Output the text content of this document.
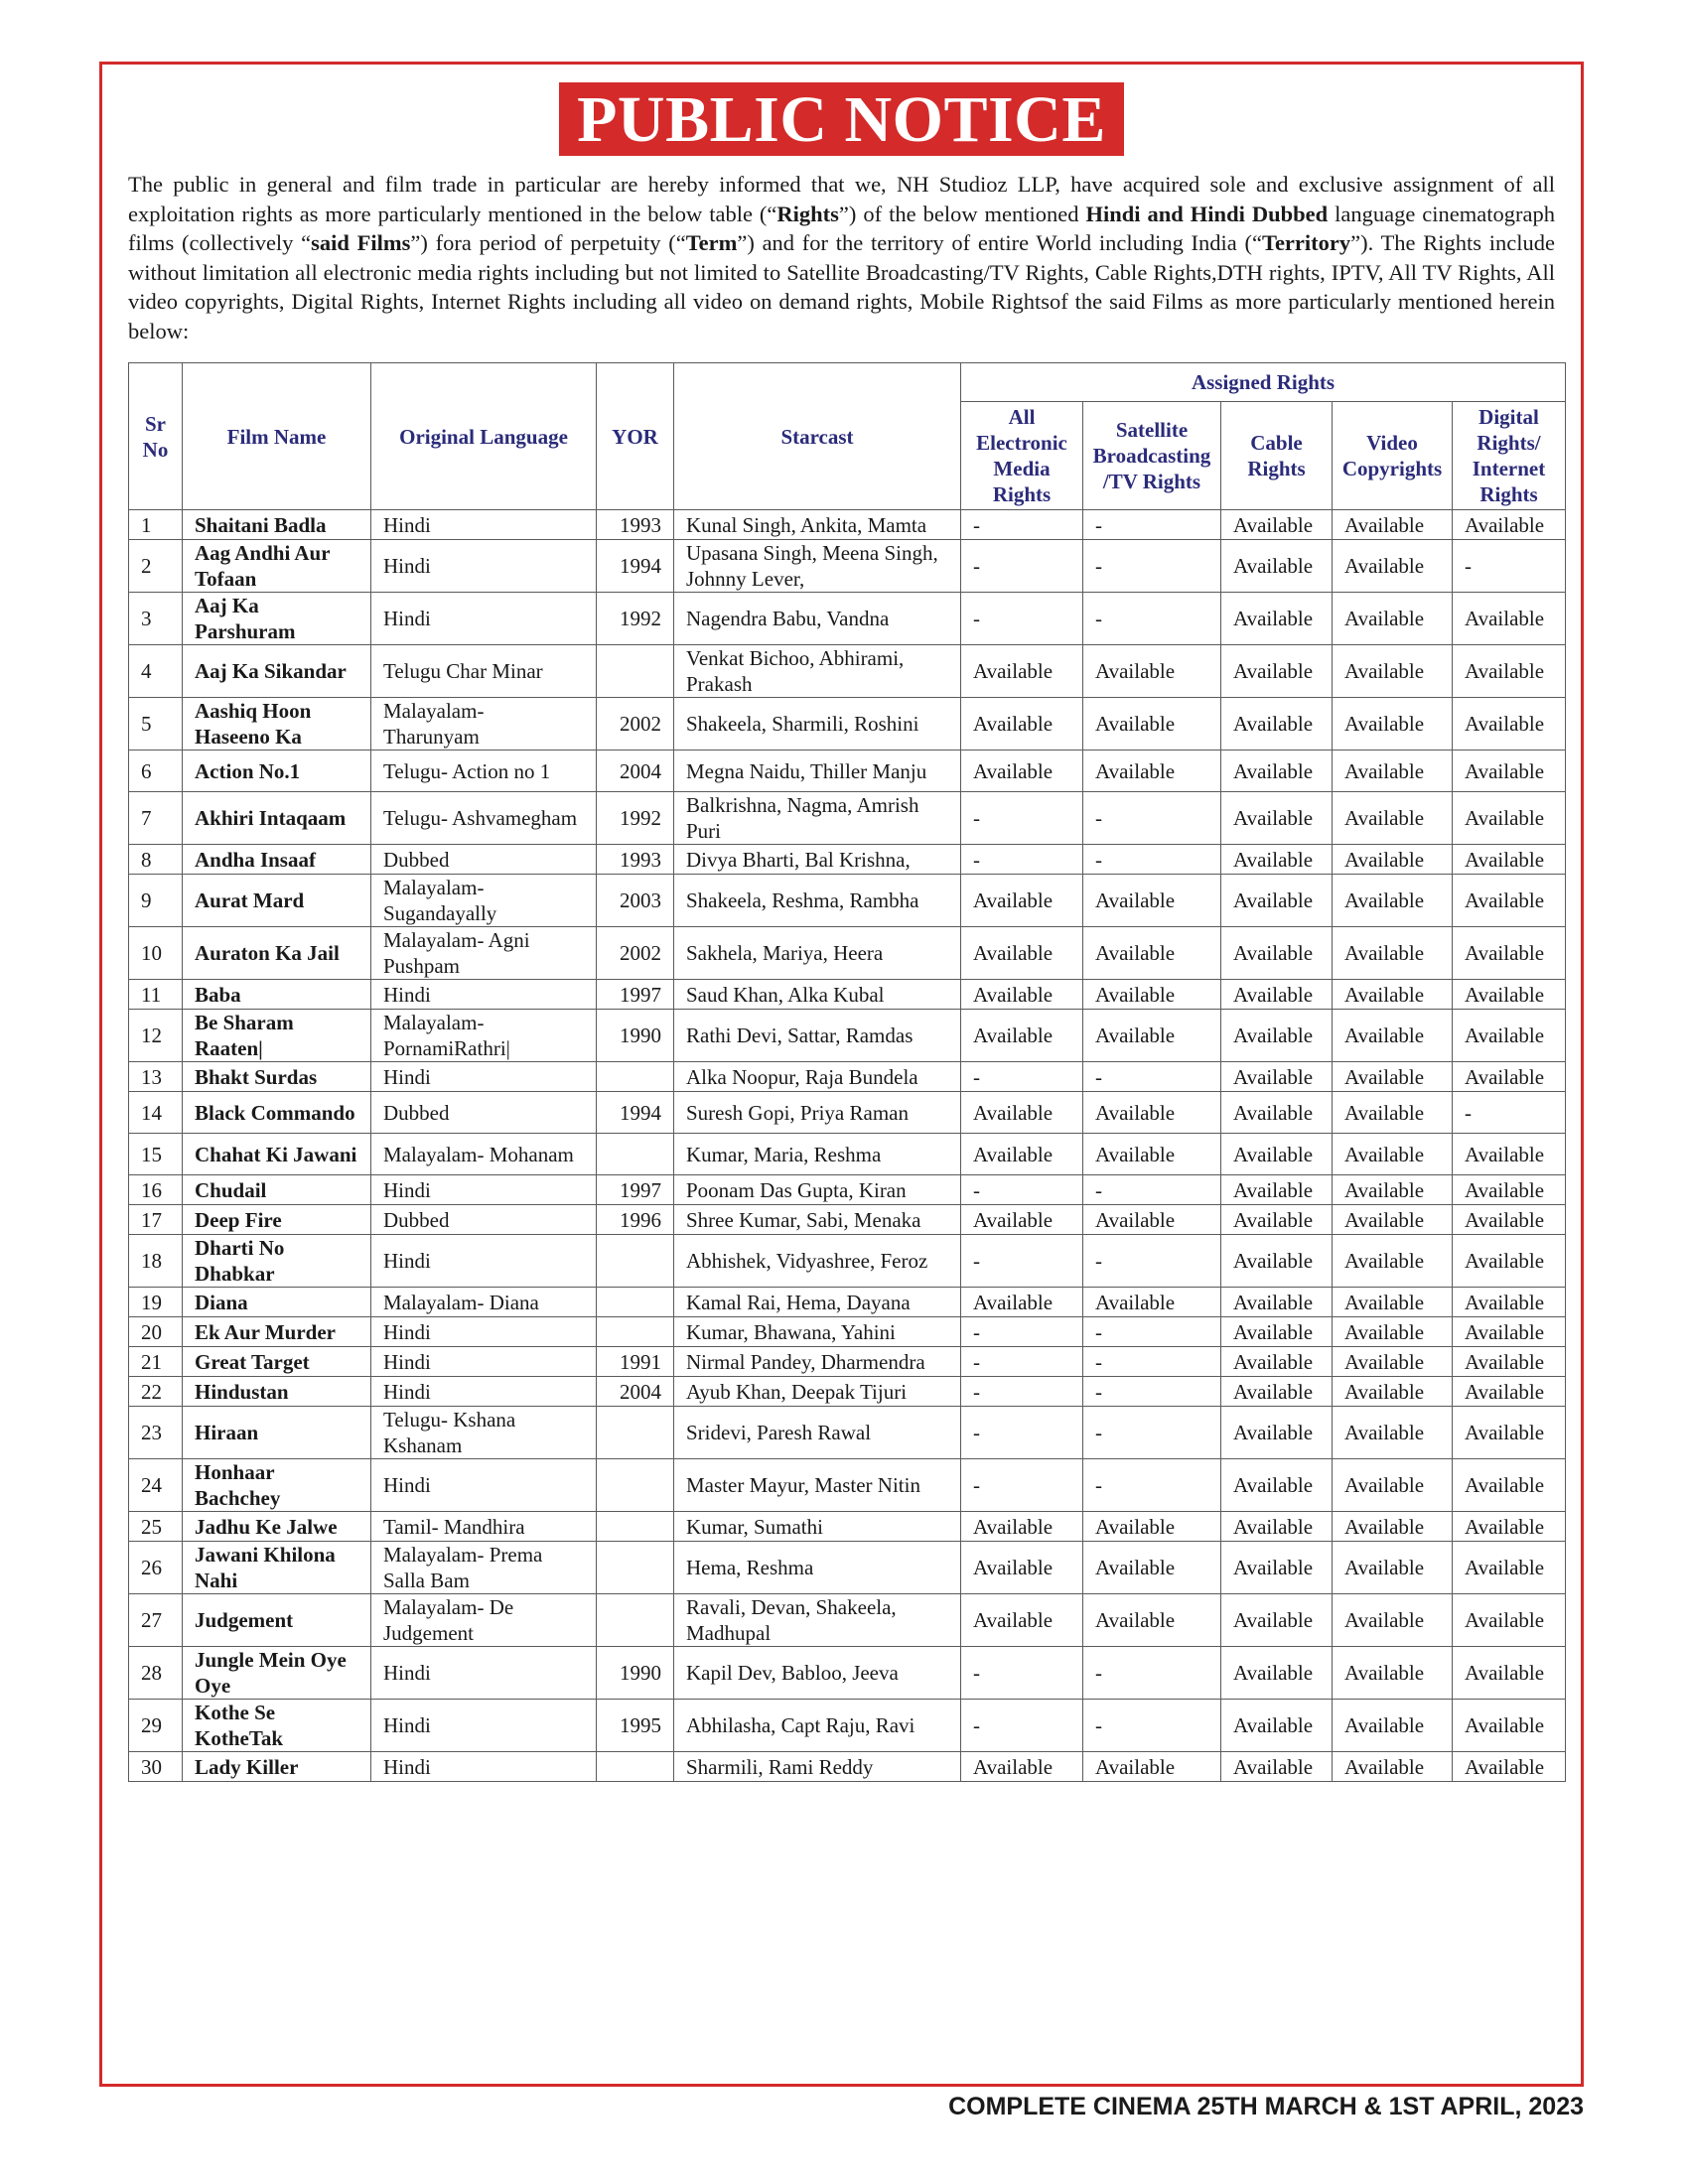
PUBLIC NOTICE
The public in general and film trade in particular are hereby informed that we, NH Studioz LLP, have acquired sole and exclusive assignment of all exploitation rights as more particularly mentioned in the below table (“Rights”) of the below mentioned Hindi and Hindi Dubbed language cinematograph films (collectively “said Films”) fora period of perpetuity (“Term”) and for the territory of entire World including India (“Territory”). The Rights include without limitation all electronic media rights including but not limited to Satellite Broadcasting/TV Rights, Cable Rights,DTH rights, IPTV, All TV Rights, All video copyrights, Digital Rights, Internet Rights including all video on demand rights, Mobile Rightsof the said Films as more particularly mentioned herein below:
Sr No	Film Name	Original Language	YOR	Starcast	Assigned Rights				
					All Electronic Media Rights	Satellite Broadcasting /TV Rights	Cable Rights	Video Copyrights	Digital Rights/ Internet Rights
1	Shaitani Badla	Hindi	1993	Kunal Singh, Ankita, Mamta	-	-	Available	Available	Available
2	Aag Andhi Aur Tofaan	Hindi	1994	Upasana Singh, Meena Singh, Johnny Lever,	-	-	Available	Available	-
3	Aaj Ka Parshuram	Hindi	1992	Nagendra Babu, Vandna	-	-	Available	Available	Available
4	Aaj Ka Sikandar	Telugu Char Minar		Venkat Bichoo, Abhirami, Prakash	Available	Available	Available	Available	Available
5	Aashiq Hoon Haseeno Ka	Malayalam- Tharunyam	2002	Shakeela, Sharmili, Roshini	Available	Available	Available	Available	Available
6	Action No.1	Telugu- Action no 1	2004	Megna Naidu, Thiller Manju	Available	Available	Available	Available	Available
7	Akhiri Intaqaam	Telugu- Ashvamegham	1992	Balkrishna, Nagma, Amrish Puri	-	-	Available	Available	Available
8	Andha Insaaf	Dubbed	1993	Divya Bharti, Bal Krishna,	-	-	Available	Available	Available
9	Aurat Mard	Malayalam- Sugandayally	2003	Shakeela, Reshma, Rambha	Available	Available	Available	Available	Available
10	Auraton Ka Jail	Malayalam- Agni Pushpam	2002	Sakhela, Mariya, Heera	Available	Available	Available	Available	Available
11	Baba	Hindi	1997	Saud Khan, Alka Kubal	Available	Available	Available	Available	Available
12	Be Sharam Raaten|	Malayalam- PornamiRathri|	1990	Rathi Devi, Sattar, Ramdas	Available	Available	Available	Available	Available
13	Bhakt Surdas	Hindi		Alka Noopur, Raja Bundela	-	-	Available	Available	Available
14	Black Commando	Dubbed	1994	Suresh Gopi, Priya Raman	Available	Available	Available	Available	-
15	Chahat Ki Jawani	Malayalam- Mohanam		Kumar, Maria, Reshma	Available	Available	Available	Available	Available
16	Chudail	Hindi	1997	Poonam Das Gupta, Kiran	-	-	Available	Available	Available
17	Deep Fire	Dubbed	1996	Shree Kumar, Sabi, Menaka	Available	Available	Available	Available	Available
18	Dharti No Dhabkar	Hindi		Abhishek, Vidyashree, Feroz	-	-	Available	Available	Available
19	Diana	Malayalam- Diana		Kamal Rai, Hema, Dayana	Available	Available	Available	Available	Available
20	Ek Aur Murder	Hindi		Kumar, Bhawana, Yahini	-	-	Available	Available	Available
21	Great Target	Hindi	1991	Nirmal Pandey, Dharmendra	-	-	Available	Available	Available
22	Hindustan	Hindi	2004	Ayub Khan, Deepak Tijuri	-	-	Available	Available	Available
23	Hiraan	Telugu- Kshana Kshanam		Sridevi, Paresh Rawal	-	-	Available	Available	Available
24	Honhaar Bachchey	Hindi		Master Mayur, Master Nitin	-	-	Available	Available	Available
25	Jadhu Ke Jalwe	Tamil- Mandhira		Kumar, Sumathi	Available	Available	Available	Available	Available
26	Jawani Khilona Nahi	Malayalam- Prema Salla Bam		Hema, Reshma	Available	Available	Available	Available	Available
27	Judgement	Malayalam- De Judgement		Ravali, Devan, Shakeela, Madhupal	Available	Available	Available	Available	Available
28	Jungle Mein Oye Oye	Hindi	1990	Kapil Dev, Babloo, Jeeva	-	-	Available	Available	Available
29	Kothe Se KotheTak	Hindi	1995	Abhilasha, Capt Raju, Ravi	-	-	Available	Available	Available
30	Lady Killer	Hindi		Sharmili, Rami Reddy	Available	Available	Available	Available	Available
COMPLETE CINEMA 25TH MARCH & 1ST APRIL, 2023
